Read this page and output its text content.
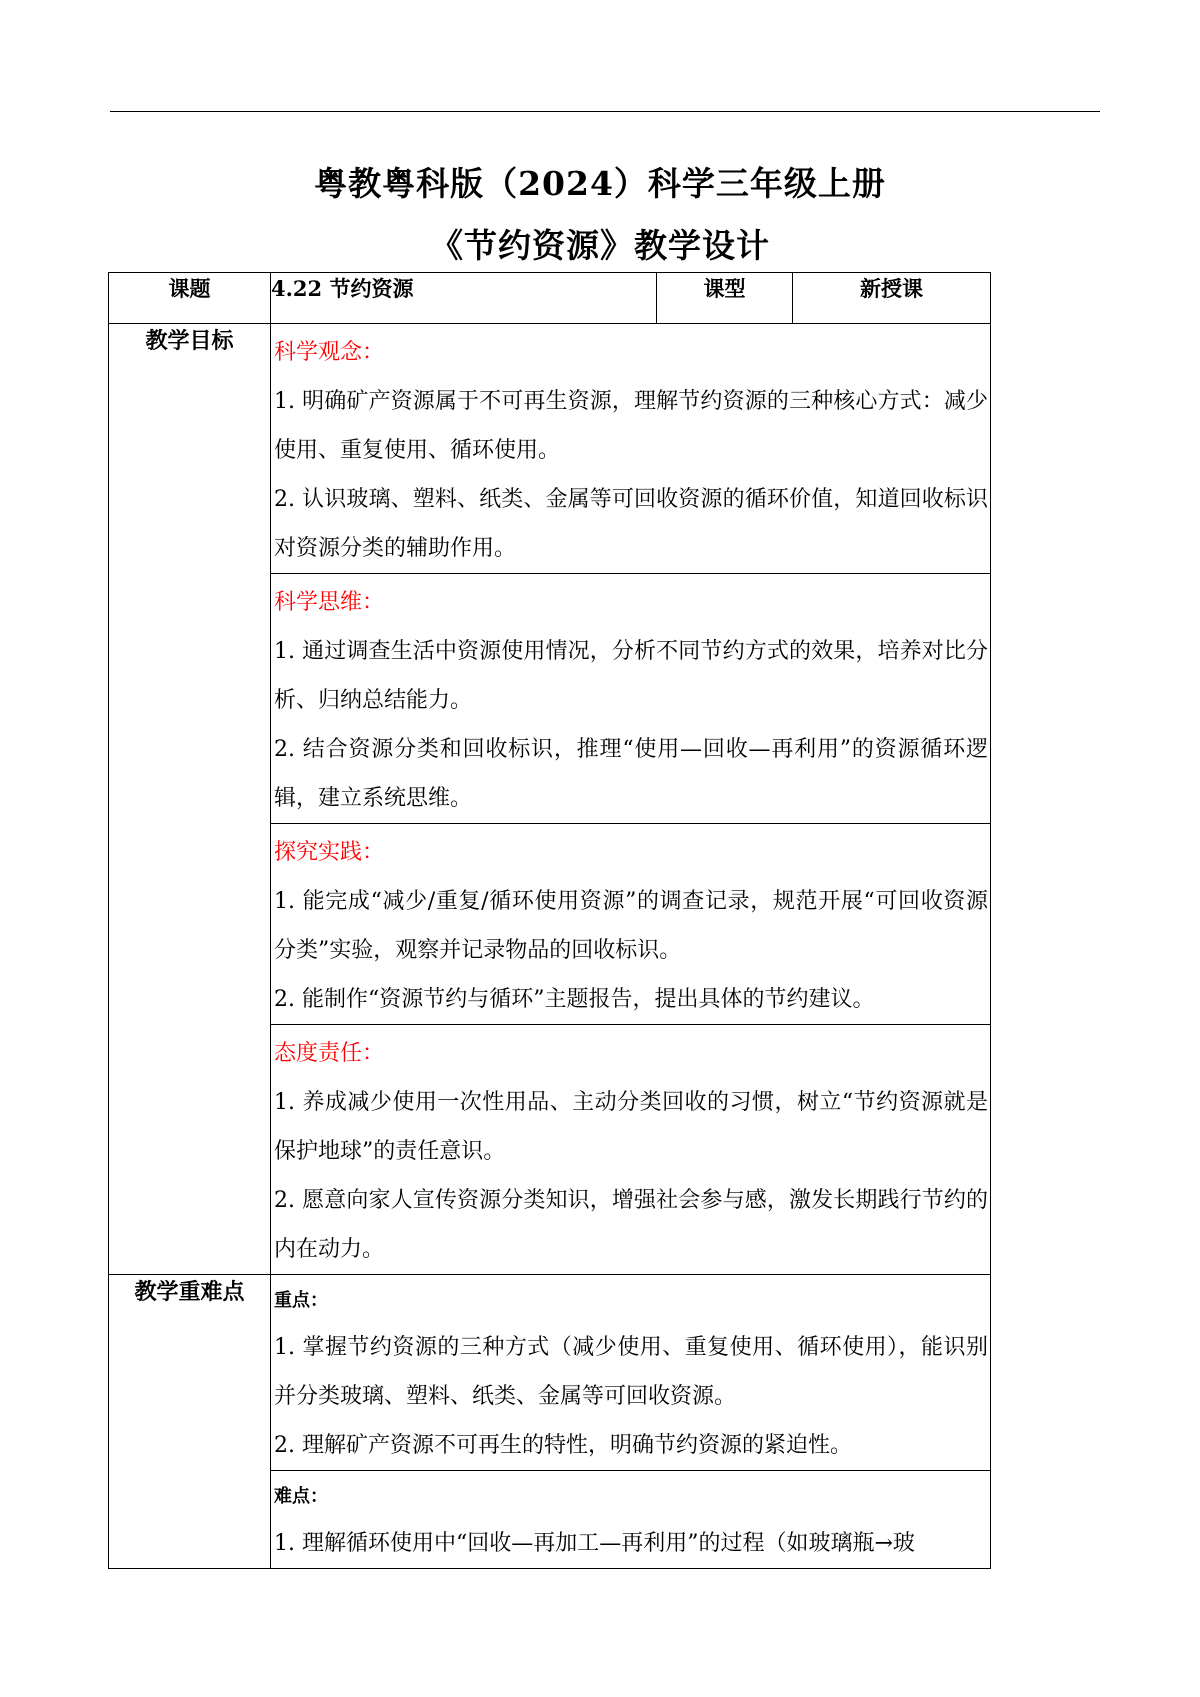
粤教粤科版（2024）科学三年级上册
《节约资源》教学设计
课题	4.22 节约资源	课型	新授课
教学目标	科学观念：

1. 明确矿产资源属于不可再生资源，理解节约资源的三种核心方式：减少使用、重复使用、循环使用。

2. 认识玻璃、塑料、纸类、金属等可回收资源的循环价值，知道回收标识对资源分类的辅助作用。		

	科学思维：

1. 通过调查生活中资源使用情况，分析不同节约方式的效果，培养对比分析、归纳总结能力。

2. 结合资源分类和回收标识，推理“使用—回收—再利用”的资源循环逻辑，建立系统思维。		

	探究实践：

1. 能完成“减少/重复/循环使用资源”的调查记录，规范开展“可回收资源分类”实验，观察并记录物品的回收标识。

2. 能制作“资源节约与循环”主题报告，提出具体的节约建议。		

	态度责任：

1. 养成减少使用一次性用品、主动分类回收的习惯，树立“节约资源就是保护地球”的责任意识。

2. 愿意向家人宣传资源分类知识，增强社会参与感，激发长期践行节约的内在动力。		

教学重难点	重点：

1. 掌握节约资源的三种方式（减少使用、重复使用、循环使用），能识别并分类玻璃、塑料、纸类、金属等可回收资源。

2. 理解矿产资源不可再生的特性，明确节约资源的紧迫性。		

	难点：

1. 理解循环使用中“回收—再加工—再利用”的过程（如玻璃瓶→玻		
